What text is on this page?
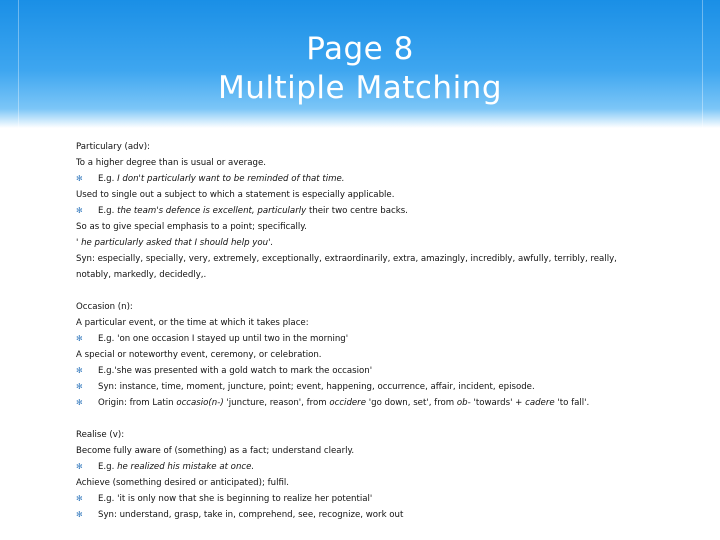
Page 8
Multiple Matching
Particulary (adv):
To a higher degree than is usual or average.
✻ E.g. I don't particularly want to be reminded of that time.
Used to single out a subject to which a statement is especially applicable.
✻ E.g. the team's defence is excellent, particularly their two centre backs.
So as to give special emphasis to a point; specifically.
' he particularly asked that I should help you'.
Syn: especially, specially, very, extremely, exceptionally, extraordinarily, extra, amazingly, incredibly, awfully, terribly, really, notably, markedly, decidedly,.
Occasion (n):
A particular event, or the time at which it takes place:
✻ E.g. 'on one occasion I stayed up until two in the morning'
A special or noteworthy event, ceremony, or celebration.
✻ E.g.'she was presented with a gold watch to mark the occasion'
✻ Syn: instance, time, moment, juncture, point; event, happening, occurrence, affair, incident, episode.
✻ Origin: from Latin occasio(n-) 'juncture, reason', from occidere 'go down, set', from ob- 'towards' + cadere 'to fall'.
Realise (v):
Become fully aware of (something) as a fact; understand clearly.
✻ E.g. he realized his mistake at once.
Achieve (something desired or anticipated); fulfil.
✻ E.g. 'it is only now that she is beginning to realize her potential'
✻ Syn: understand, grasp, take in, comprehend, see, recognize, work out
